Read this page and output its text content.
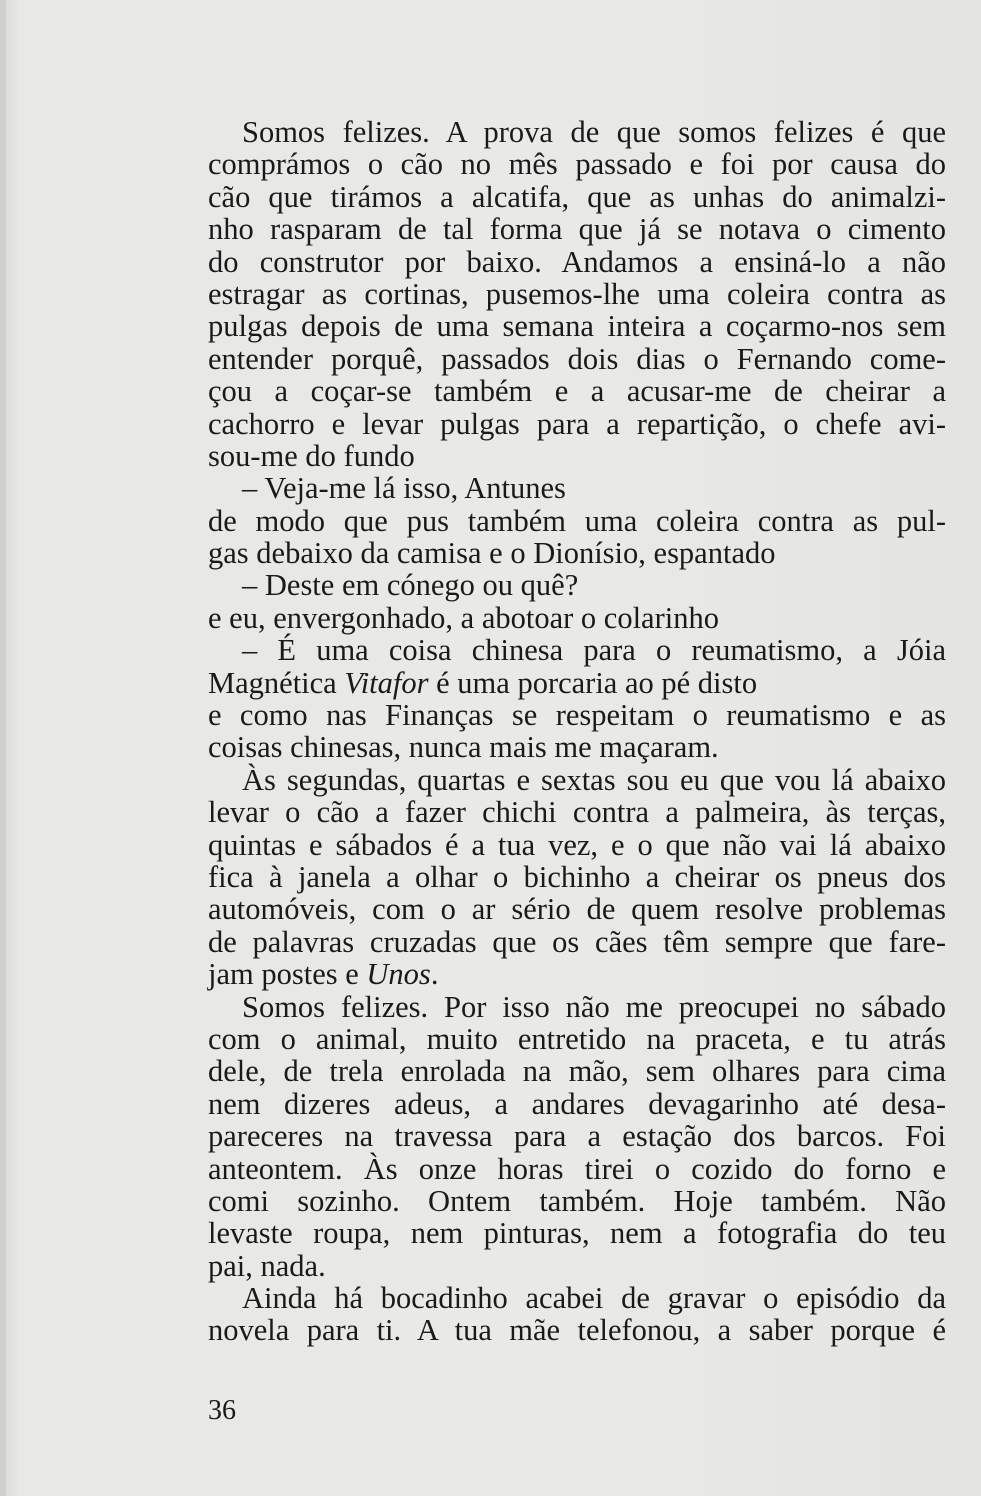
Somos felizes. A prova de que somos felizes é que
comprámos o cão no mês passado e foi por causa do
cão que tirámos a alcatifa, que as unhas do animalzi-
nho rasparam de tal forma que já se notava o cimento
do construtor por baixo. Andamos a ensiná-lo a não
estragar as cortinas, pusemos-lhe uma coleira contra as
pulgas depois de uma semana inteira a coçarmo-nos sem
entender porquê, passados dois dias o Fernando come-
çou a coçar-se também e a acusar-me de cheirar a
cachorro e levar pulgas para a repartição, o chefe avi-
sou-me do fundo
– Veja-me lá isso, Antunes
de modo que pus também uma coleira contra as pul-
gas debaixo da camisa e o Dionísio, espantado
– Deste em cónego ou quê?
e eu, envergonhado, a abotoar o colarinho
– É uma coisa chinesa para o reumatismo, a Jóia
Magnética Vitafor é uma porcaria ao pé disto
e como nas Finanças se respeitam o reumatismo e as
coisas chinesas, nunca mais me maçaram.
Às segundas, quartas e sextas sou eu que vou lá abaixo
levar o cão a fazer chichi contra a palmeira, às terças,
quintas e sábados é a tua vez, e o que não vai lá abaixo
fica à janela a olhar o bichinho a cheirar os pneus dos
automóveis, com o ar sério de quem resolve problemas
de palavras cruzadas que os cães têm sempre que fare-
jam postes e Unos.
Somos felizes. Por isso não me preocupei no sábado
com o animal, muito entretido na praceta, e tu atrás
dele, de trela enrolada na mão, sem olhares para cima
nem dizeres adeus, a andares devagarinho até desa-
pareceres na travessa para a estação dos barcos. Foi
anteontem. Às onze horas tirei o cozido do forno e
comi sozinho. Ontem também. Hoje também. Não
levaste roupa, nem pinturas, nem a fotografia do teu
pai, nada.
Ainda há bocadinho acabei de gravar o episódio da
novela para ti. A tua mãe telefonou, a saber porque é
36
